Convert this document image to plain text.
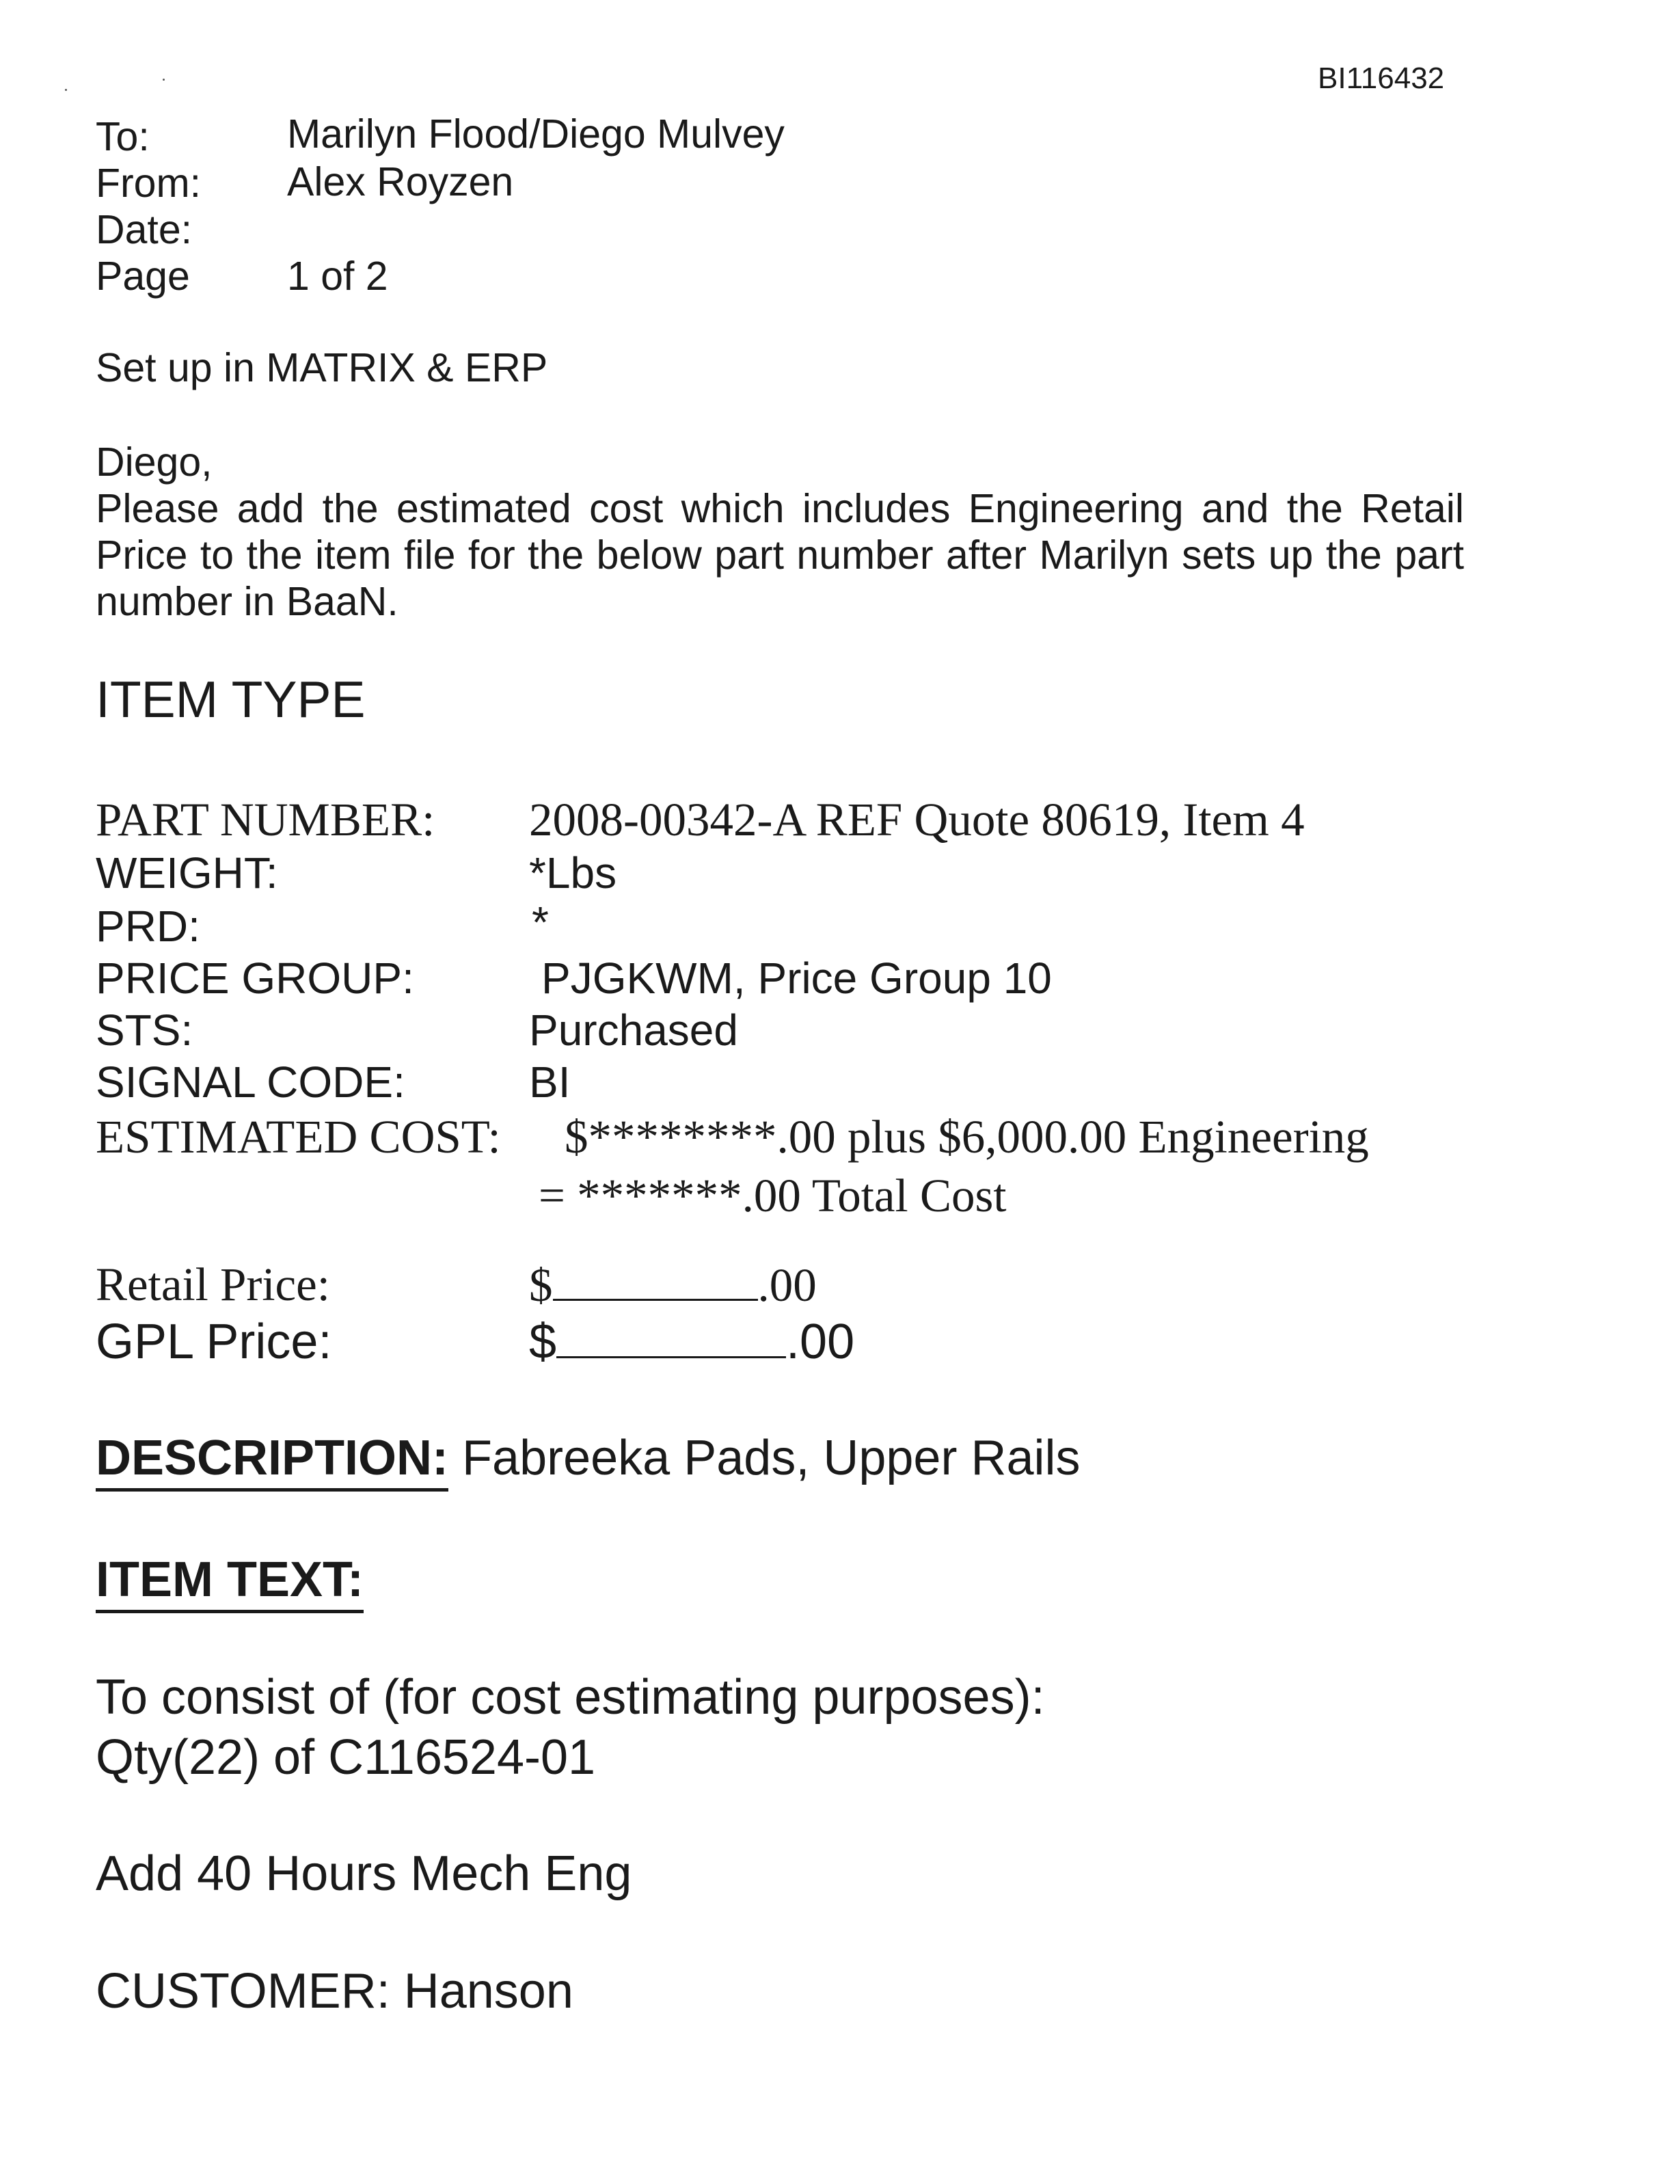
BI116432
To:	Marilyn Flood/Diego Mulvey
From: Alex Royzen
Date:
Page 1 of 2
Set up in MATRIX & ERP
Diego,
Please add the estimated cost which includes Engineering and the Retail
Price to the item file for the below part number after Marilyn sets up the part
number in BaaN.
ITEM TYPE
PART NUMBER: 2008-00342-A REF Quote 80619, Item 4
WEIGHT:	*Lbs
PRD:	*
PRICE GROUP:	PJGKWM, Price Group 10
STS:	Purchased
SIGNAL CODE:	BI
ESTIMATED COST: $********.00 plus $6,000.00 Engineering
= *******.00 Total Cost
Retail Price:	$	.00
GPL Price:	$	.00
DESCRIPTION: Fabreeka Pads, Upper Rails
ITEM TEXT:
To consist of (for cost estimating purposes):
Qty(22) of C116524-01
Add 40 Hours Mech Eng
CUSTOMER: Hanson
